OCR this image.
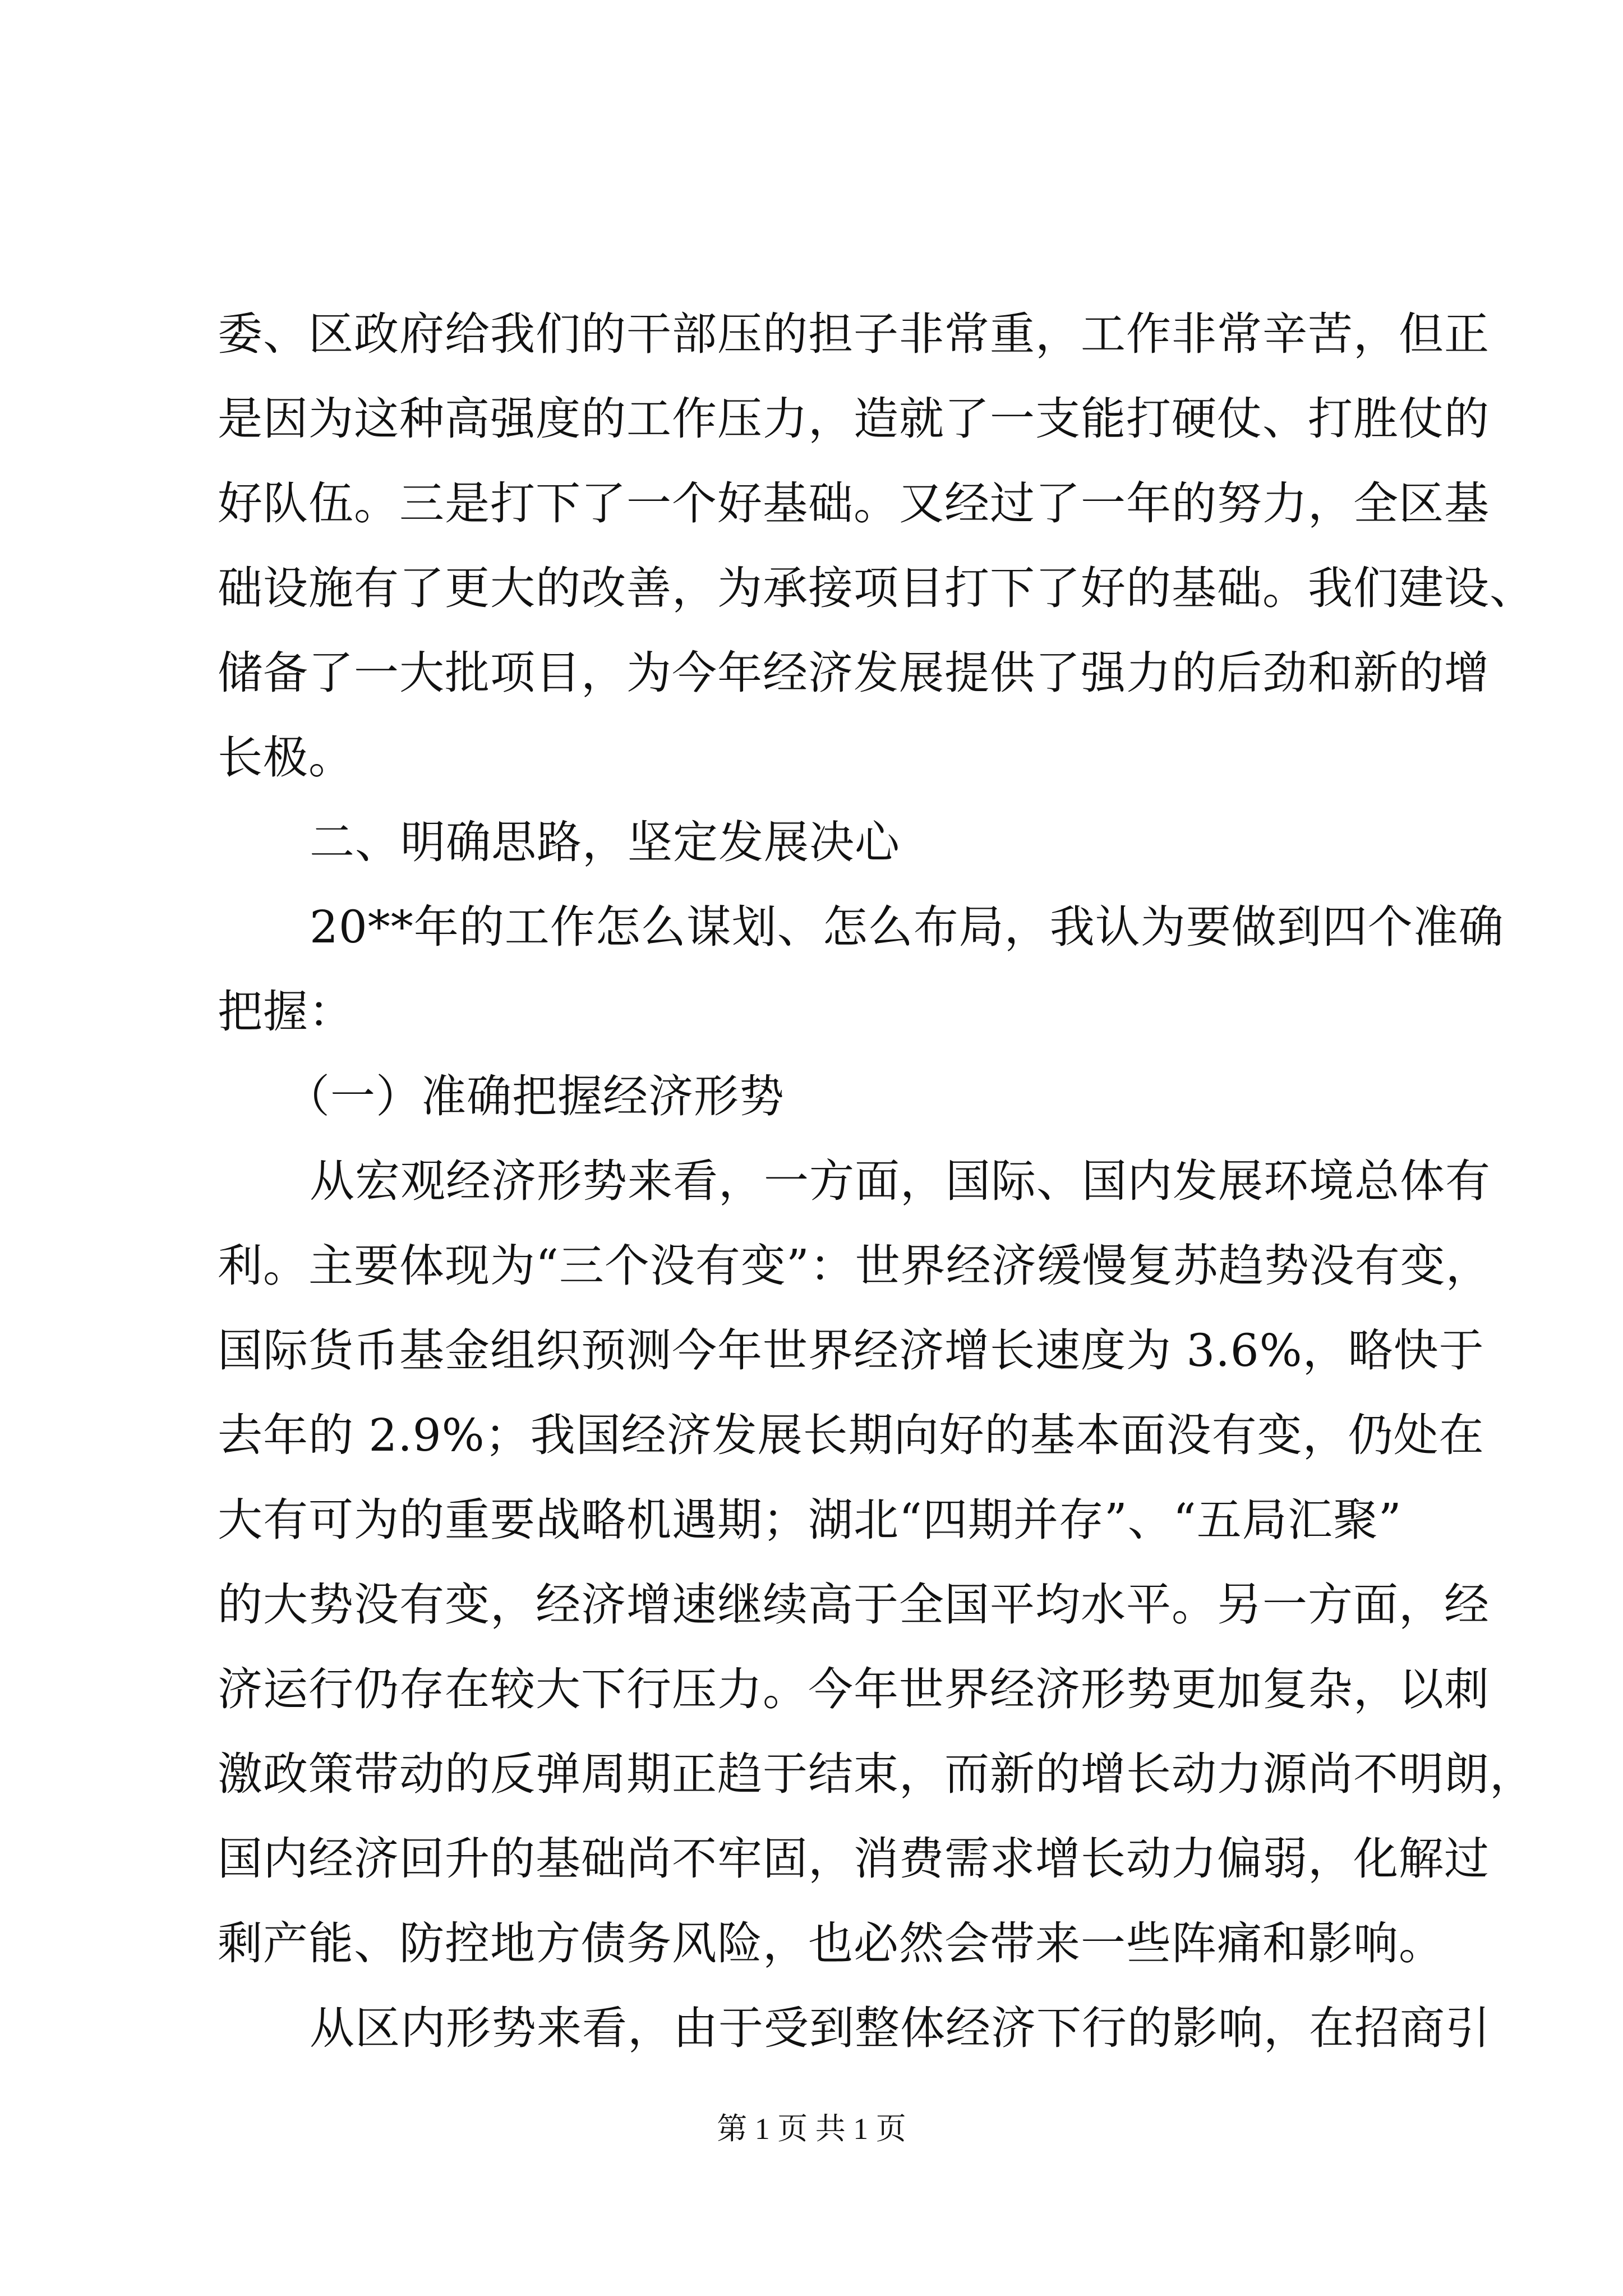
委、区政府给我们的干部压的担子非常重，工作非常辛苦，但正
是因为这种高强度的工作压力，造就了一支能打硬仗、打胜仗的
好队伍。三是打下了一个好基础。又经过了一年的努力，全区基
础设施有了更大的改善，为承接项目打下了好的基础。我们建设、
储备了一大批项目，为今年经济发展提供了强力的后劲和新的增
长极。
二、明确思路，坚定发展决心
20**年的工作怎么谋划、怎么布局，我认为要做到四个准确
把握：
（一）准确把握经济形势
从宏观经济形势来看，一方面，国际、国内发展环境总体有
利。主要体现为“三个没有变”：世界经济缓慢复苏趋势没有变，
国际货币基金组织预测今年世界经济增长速度为 3.6%，略快于
去年的 2.9%；我国经济发展长期向好的基本面没有变，仍处在
大有可为的重要战略机遇期；湖北“四期并存”、“五局汇聚”
的大势没有变，经济增速继续高于全国平均水平。另一方面，经
济运行仍存在较大下行压力。今年世界经济形势更加复杂，以刺
激政策带动的反弹周期正趋于结束，而新的增长动力源尚不明朗，
国内经济回升的基础尚不牢固，消费需求增长动力偏弱，化解过
剩产能、防控地方债务风险，也必然会带来一些阵痛和影响。
从区内形势来看，由于受到整体经济下行的影响，在招商引
第 1 页 共 1 页
